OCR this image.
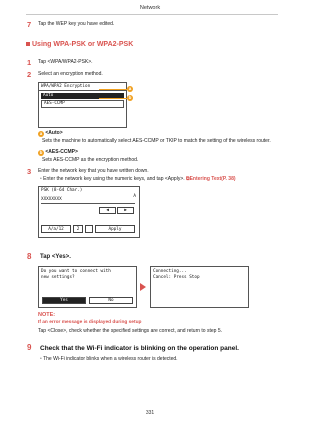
Network
7 Tap the WEP key you have edited.
Using WPA-PSK or WPA2-PSK
1 Tap <WPA/WPA2-PSK>.
2 Select an encryption method.
WPA/WPA2 Encryption
Auto
AES-CCMP
a
b
a <Auto>
Sets the machine to automatically select AES-CCMP or TKIP to match the setting of the wireless router.
b <AES-CCMP>
Sets AES-CCMP as the encryption method.
3 Enter the network key that you have written down.
• Enter the network key using the numeric keys, and tap <Apply>. ⧉Entering Text(P. 38)
PSK (8-64 Char.)
A
XXXXXXXX
◀	▶
A/a/12	2	Apply
8 Tap <Yes>.
Do you want to connect with
new settings?
Yes	No
Connecting...
Cancel: Press Stop
NOTE:
If an error message is displayed during setup
Tap <Close>, check whether the specified settings are correct, and return to step 5.
9 Check that the Wi-Fi indicator is blinking on the operation panel.
• The Wi-Fi indicator blinks when a wireless router is detected.
331
